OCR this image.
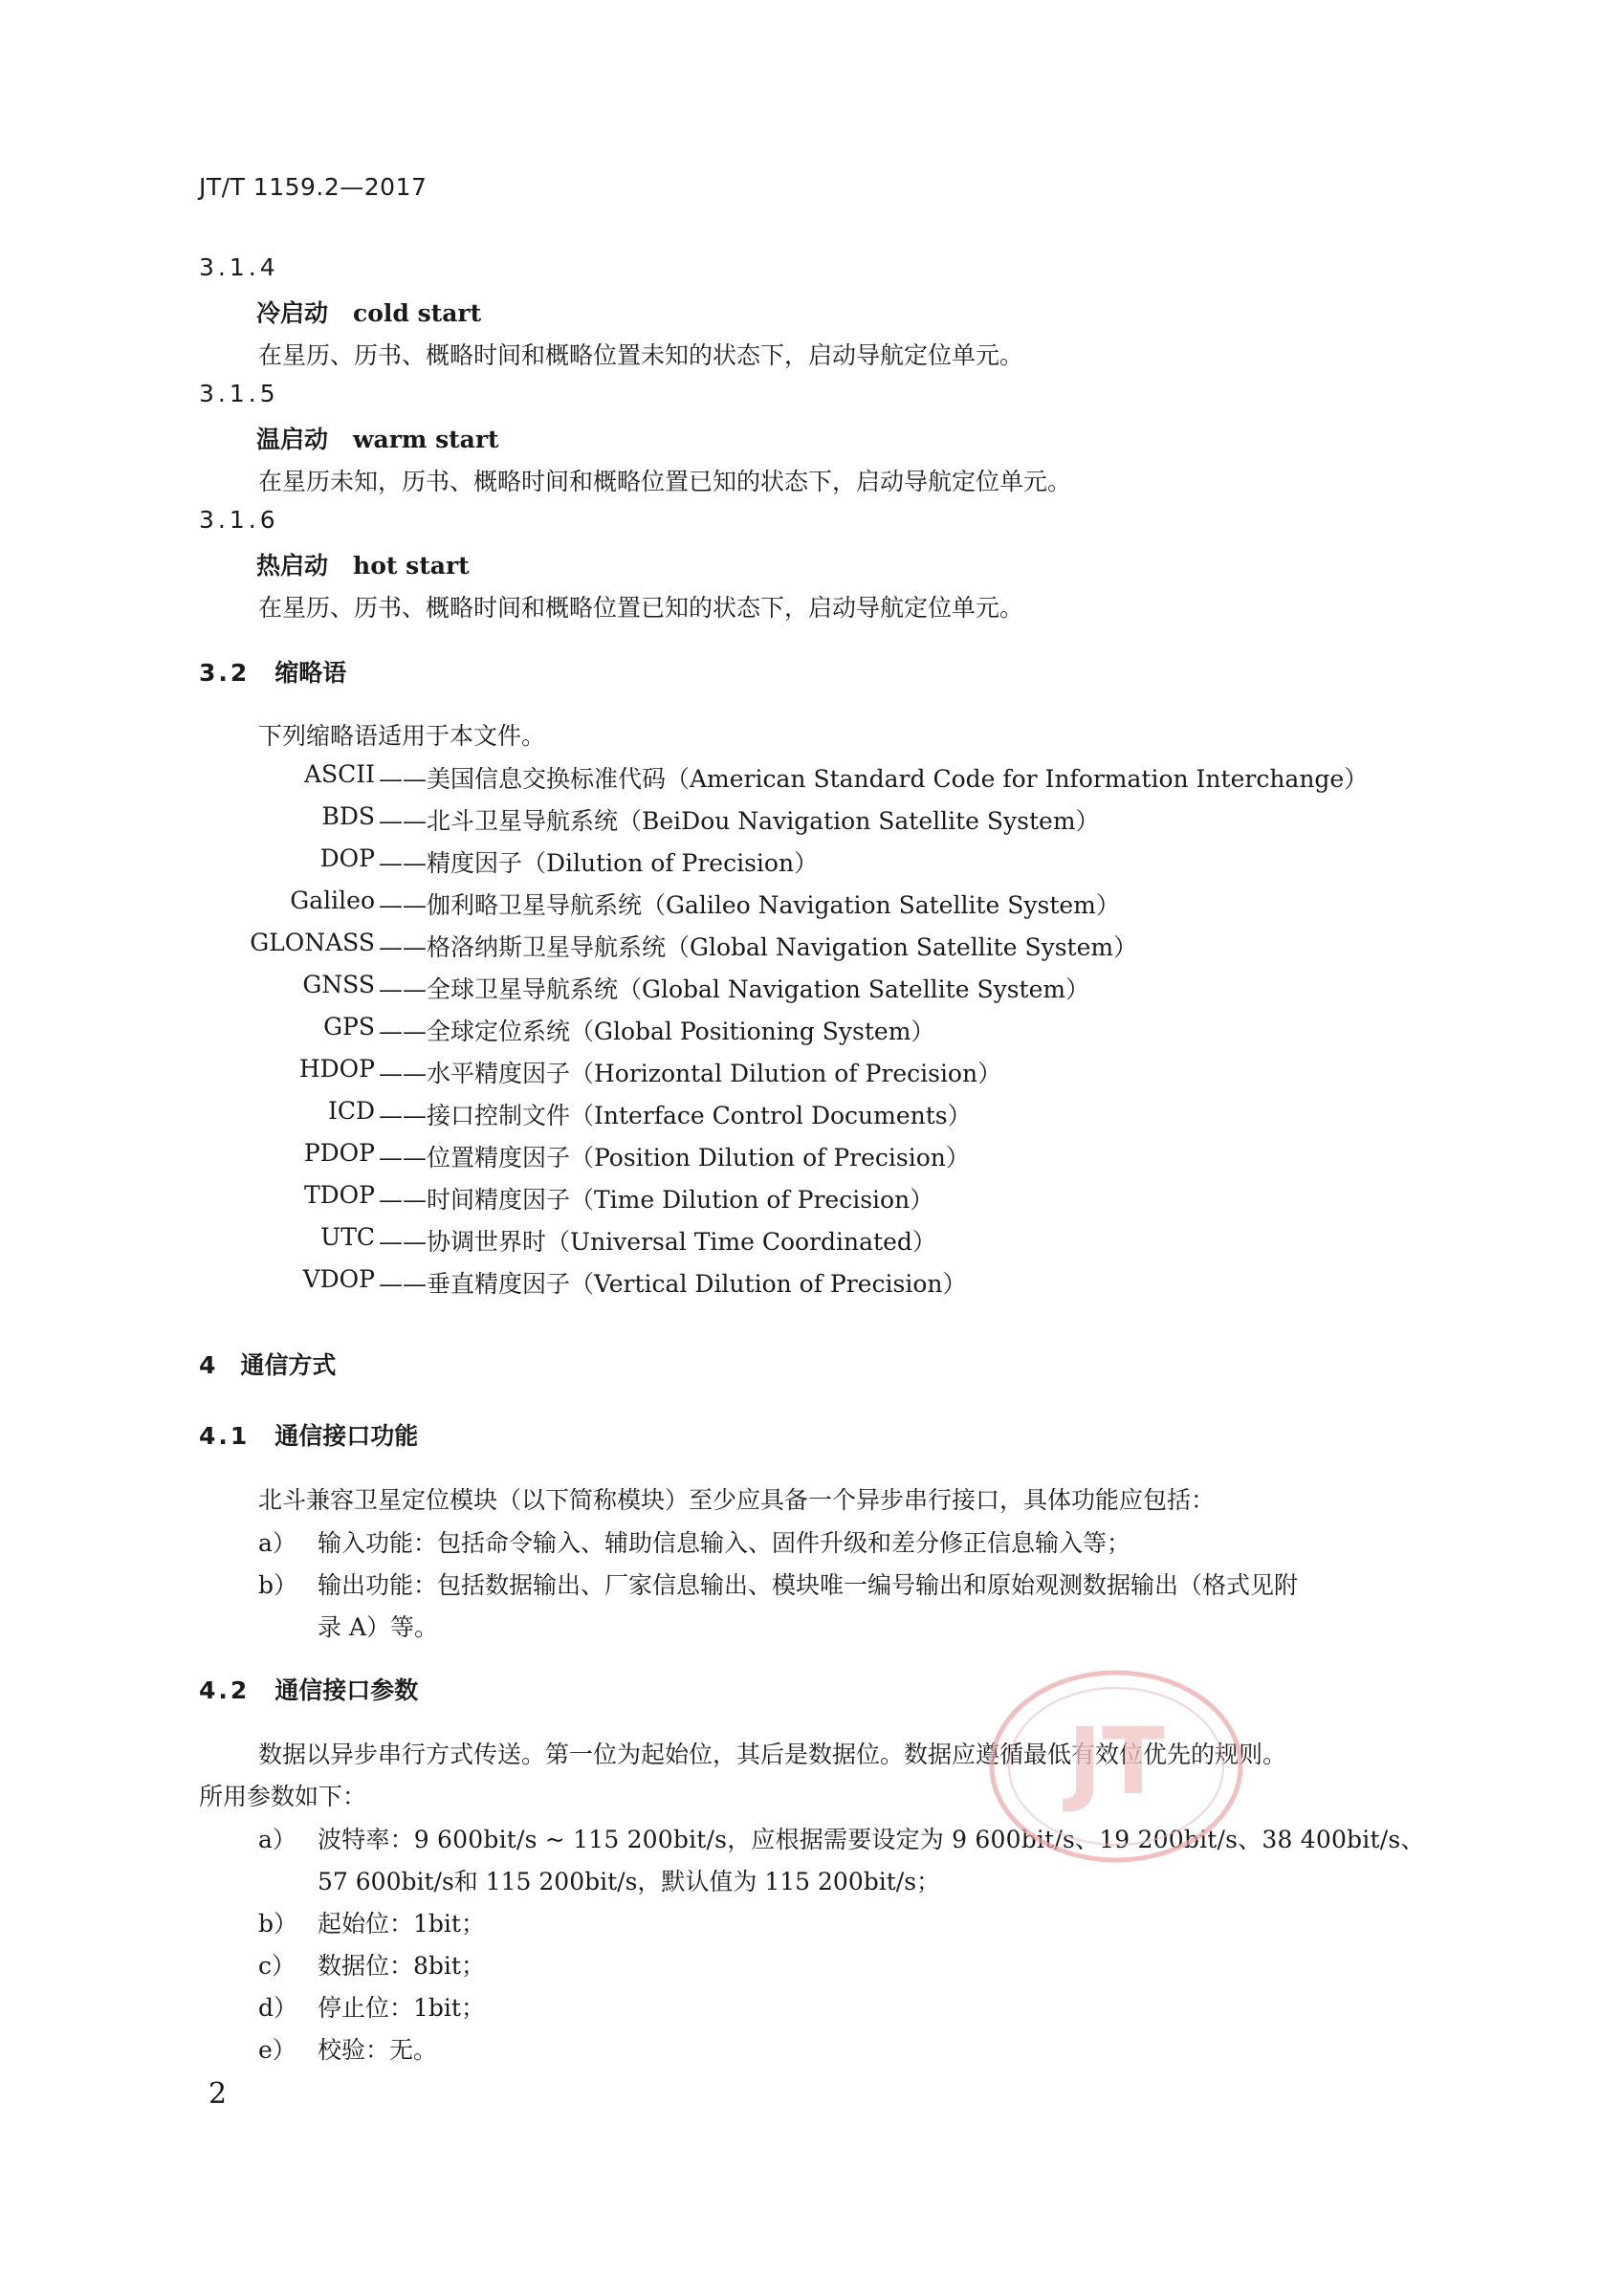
JT/T 1159.2—2017
3.1.4
冷启动 cold start
在星历、历书、概略时间和概略位置未知的状态下，启动导航定位单元。
3.1.5
温启动 warm start
在星历未知，历书、概略时间和概略位置已知的状态下，启动导航定位单元。
3.1.6
热启动 hot start
在星历、历书、概略时间和概略位置已知的状态下，启动导航定位单元。
3.2 缩略语
下列缩略语适用于本文件。
ASCII ——美国信息交换标准代码（American Standard Code for Information Interchange）
BDS ——北斗卫星导航系统（BeiDou Navigation Satellite System）
DOP ——精度因子（Dilution of Precision）
Galileo ——伽利略卫星导航系统（Galileo Navigation Satellite System）
GLONASS ——格洛纳斯卫星导航系统（Global Navigation Satellite System）
GNSS ——全球卫星导航系统（Global Navigation Satellite System）
GPS ——全球定位系统（Global Positioning System）
HDOP ——水平精度因子（Horizontal Dilution of Precision）
ICD ——接口控制文件（Interface Control Documents）
PDOP ——位置精度因子（Position Dilution of Precision）
TDOP ——时间精度因子（Time Dilution of Precision）
UTC ——协调世界时（Universal Time Coordinated）
VDOP ——垂直精度因子（Vertical Dilution of Precision）
4 通信方式
4.1 通信接口功能
北斗兼容卫星定位模块（以下简称模块）至少应具备一个异步串行接口，具体功能应包括：
a） 输入功能：包括命令输入、辅助信息输入、固件升级和差分修正信息输入等；
b） 输出功能：包括数据输出、厂家信息输出、模块唯一编号输出和原始观测数据输出（格式见附
录 A）等。
4.2 通信接口参数
数据以异步串行方式传送。第一位为起始位，其后是数据位。数据应遵循最低有效位优先的规则。
所用参数如下：
a） 波特率：9 600bit/s ~ 115 200bit/s，应根据需要设定为 9 600bit/s、19 200bit/s、38 400bit/s、
57 600bit/s和 115 200bit/s，默认值为 115 200bit/s；
b） 起始位：1bit；
c） 数据位：8bit；
d） 停止位：1bit；
e） 校验：无。
JT
2
